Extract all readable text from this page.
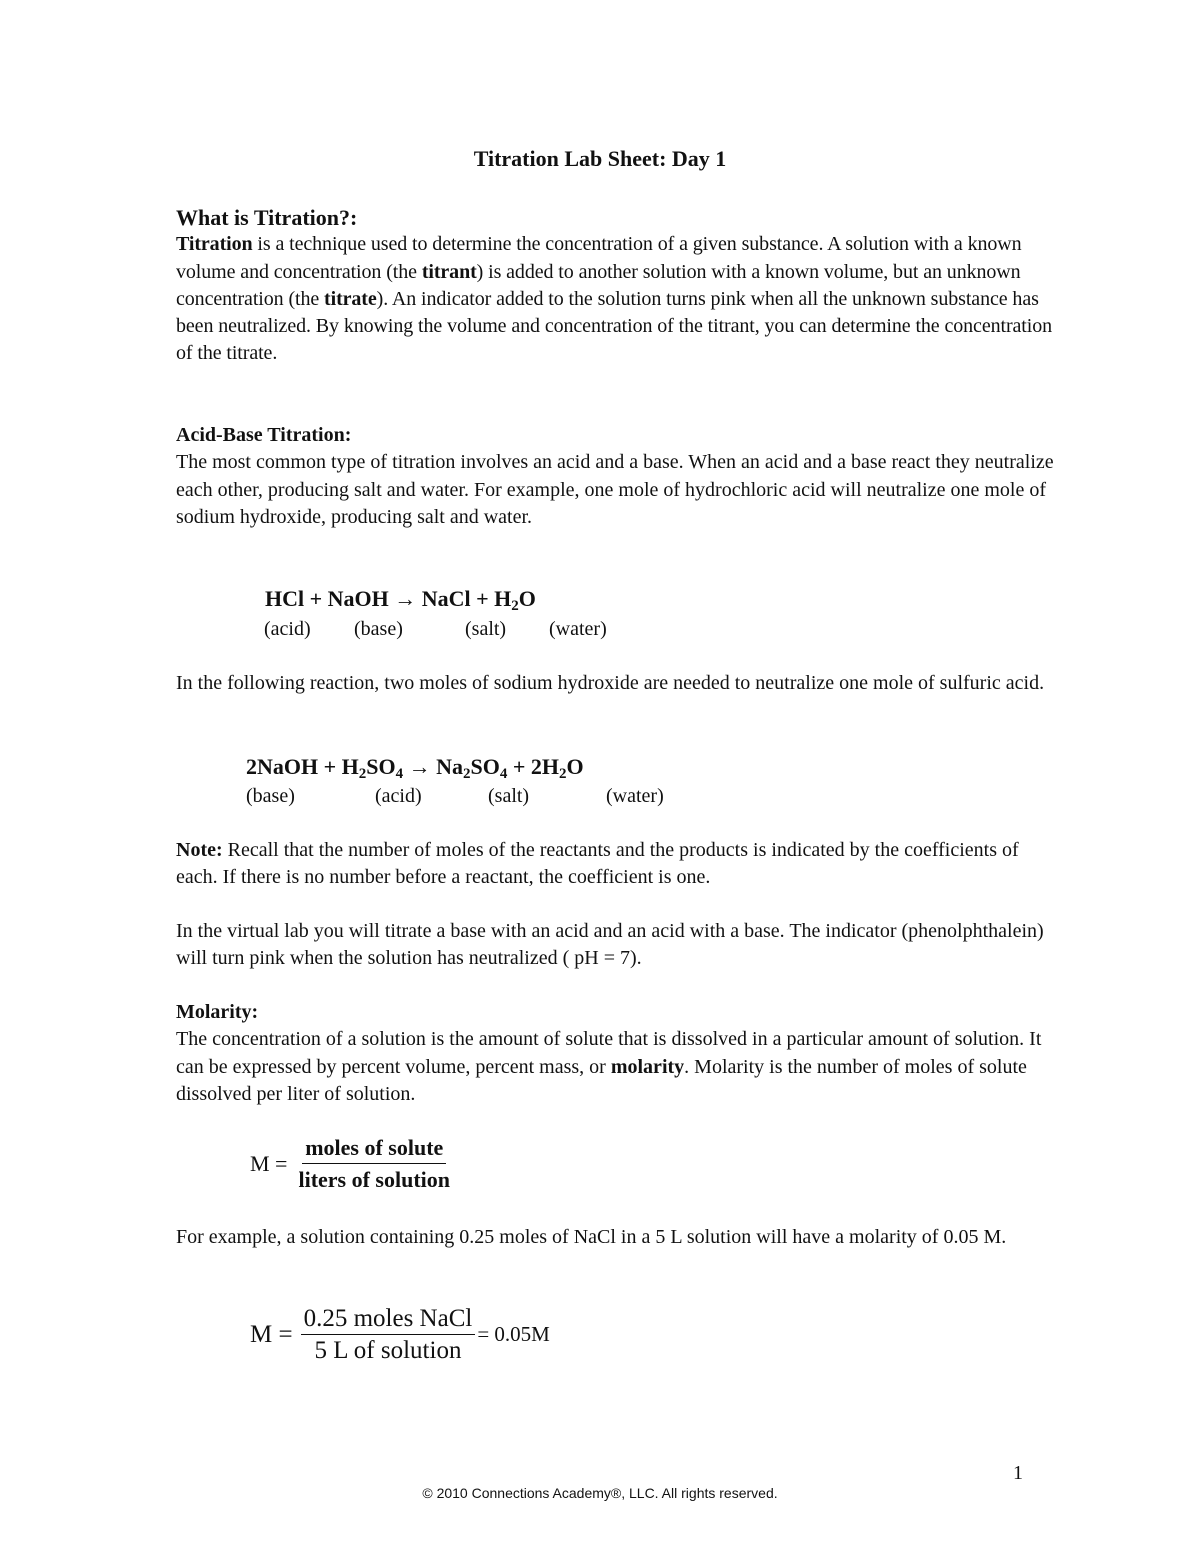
Titration Lab Sheet: Day 1
What is Titration?:

Titration is a technique used to determine the concentration of a given substance. A solution with a known volume and concentration (the titrant) is added to another solution with a known volume, but an unknown concentration (the titrate). An indicator added to the solution turns pink when all the unknown substance has been neutralized. By knowing the volume and concentration of the titrant, you can determine the concentration of the titrate.

Acid-Base Titration:

The most common type of titration involves an acid and a base. When an acid and a base react they neutralize each other, producing salt and water. For example, one mole of hydrochloric acid will neutralize one mole of sodium hydroxide, producing salt and water.

HCl + NaOH → NaCl + $H_2O$
(acid) (base)	(salt) (water)

In the following reaction, two moles of sodium hydroxide are needed to neutralize one mole of sulfuric acid.

2NaOH + $H_2SO_4 \to Na_2SO_4 + 2H_2O$
(base)	(acid)	(salt)	(water)

Note: Recall that the number of moles of the reactants and the products is indicated by the coefficients of each. If there is no number before a reactant, the coefficient is one.

In the virtual lab you will titrate a base with an acid and an acid with a base. The indicator (phenolphthalein) will turn pink when the solution has neutralized ( pH = 7).

Molarity:

The concentration of a solution is the amount of solute that is dissolved in a particular amount of solution. It can be expressed by percent volume, percent mass, or molarity. Molarity is the number of moles of solute dissolved per liter of solution.

$M = \frac{\text{moles of solute}}{\text{liters of solution}}$

For example, a solution containing 0.25 moles of NaCl in a 5 L solution will have a molarity of 0.05 M.

$M = \frac{\text{0.25 moles NaCl}}{\text{5 L of solution}} = 0.05M$
1
© 2010 Connections Academy®, LLC. All rights reserved.
